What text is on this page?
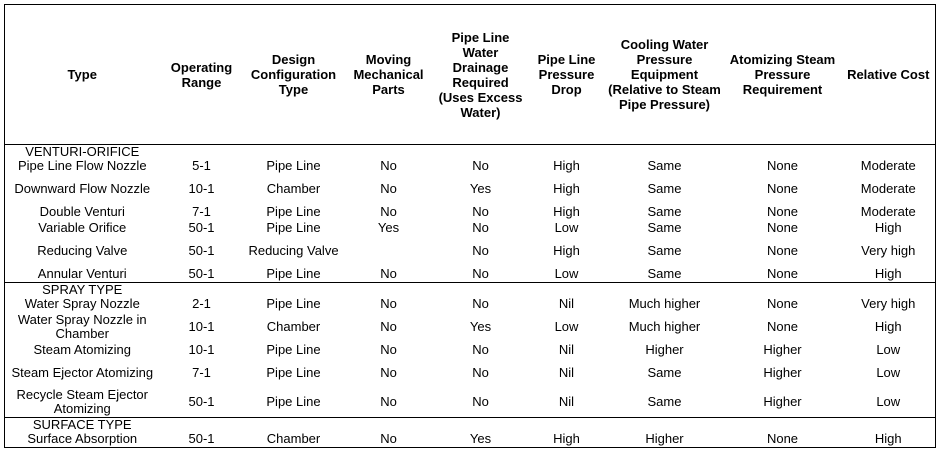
Type	Operating Range	Design Configuration Type	Moving Mechanical Parts	Pipe Line Water Drainage Required (Uses Excess Water)	Pipe Line Pressure Drop	Cooling Water Pressure Equipment (Relative to Steam Pipe Pressure)	Atomizing Steam Pressure Requirement	Relative Cost
VENTURI-ORIFICE								
Pipe Line Flow Nozzle	5-1	Pipe Line	No	No	High	Same	None	Moderate
Downward Flow Nozzle	10-1	Chamber	No	Yes	High	Same	None	Moderate
Double Venturi	7-1	Pipe Line	No	No	High	Same	None	Moderate
Variable Orifice	50-1	Pipe Line	Yes	No	Low	Same	None	High
Reducing Valve	50-1	Reducing Valve		No	High	Same	None	Very high
Annular Venturi	50-1	Pipe Line	No	No	Low	Same	None	High
SPRAY TYPE								
Water Spray Nozzle	2-1	Pipe Line	No	No	Nil	Much higher	None	Very high
Water Spray Nozzle in Chamber	10-1	Chamber	No	Yes	Low	Much higher	None	High
Steam Atomizing	10-1	Pipe Line	No	No	Nil	Higher	Higher	Low
Steam Ejector Atomizing	7-1	Pipe Line	No	No	Nil	Same	Higher	Low
Recycle Steam Ejector Atomizing	50-1	Pipe Line	No	No	Nil	Same	Higher	Low
SURFACE TYPE								
Surface Absorption	50-1	Chamber	No	Yes	High	Higher	None	High
